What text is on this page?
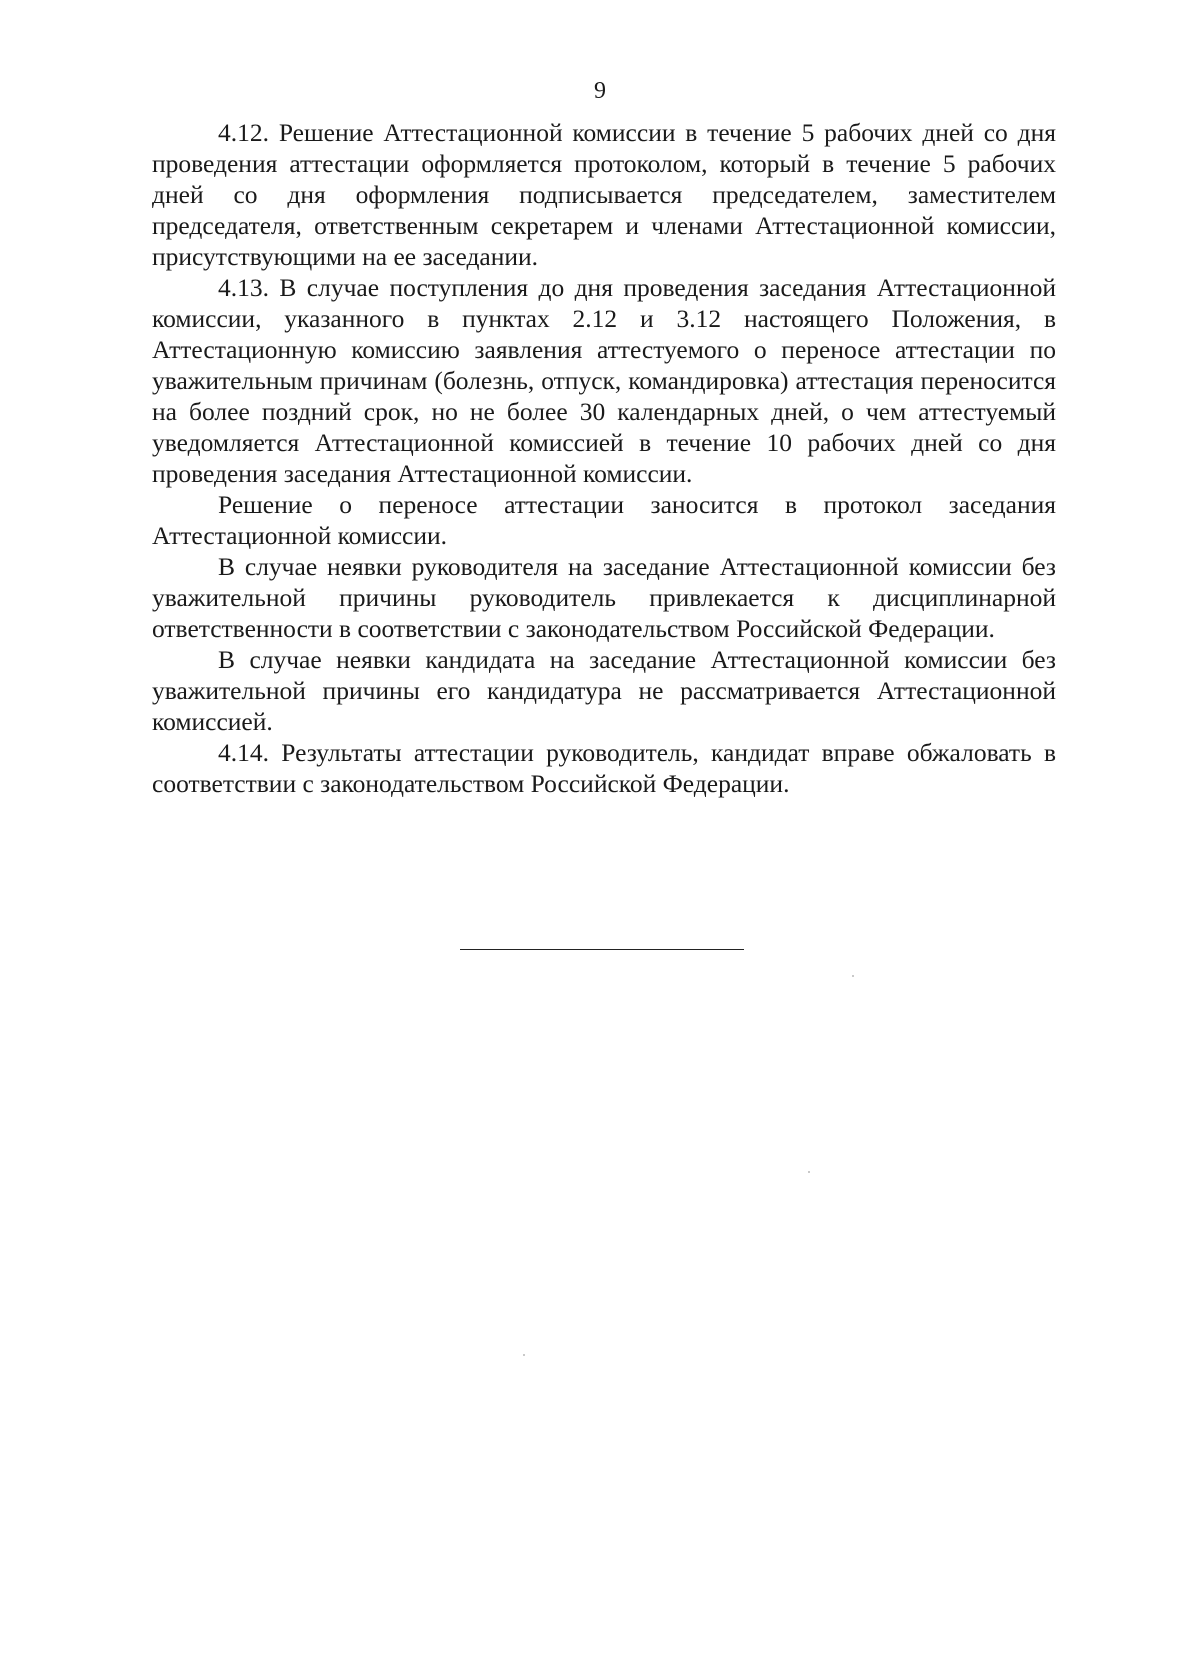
9

4.12. Решение Аттестационной комиссии в течение 5 рабочих дней со дня проведения аттестации оформляется протоколом, который в течение 5 рабочих дней со дня оформления подписывается председателем, заместителем председателя, ответственным секретарем и членами Аттестационной комиссии, присутствующими на ее заседании.

4.13. В случае поступления до дня проведения заседания Аттестационной комиссии, указанного в пунктах 2.12 и 3.12 настоящего Положения, в Аттестационную комиссию заявления аттестуемого о переносе аттестации по уважительным причинам (болезнь, отпуск, командировка) аттестация переносится на более поздний срок, но не более 30 календарных дней, о чем аттестуемый уведомляется Аттестационной комиссией в течение 10 рабочих дней со дня проведения заседания Аттестационной комиссии.

Решение о переносе аттестации заносится в протокол заседания Аттестационной комиссии.

В случае неявки руководителя на заседание Аттестационной комиссии без уважительной причины руководитель привлекается к дисциплинарной ответственности в соответствии с законодательством Российской Федерации.

В случае неявки кандидата на заседание Аттестационной комиссии без уважительной причины его кандидатура не рассматривается Аттестационной комиссией.

4.14. Результаты аттестации руководитель, кандидат вправе обжаловать в соответствии с законодательством Российской Федерации.
